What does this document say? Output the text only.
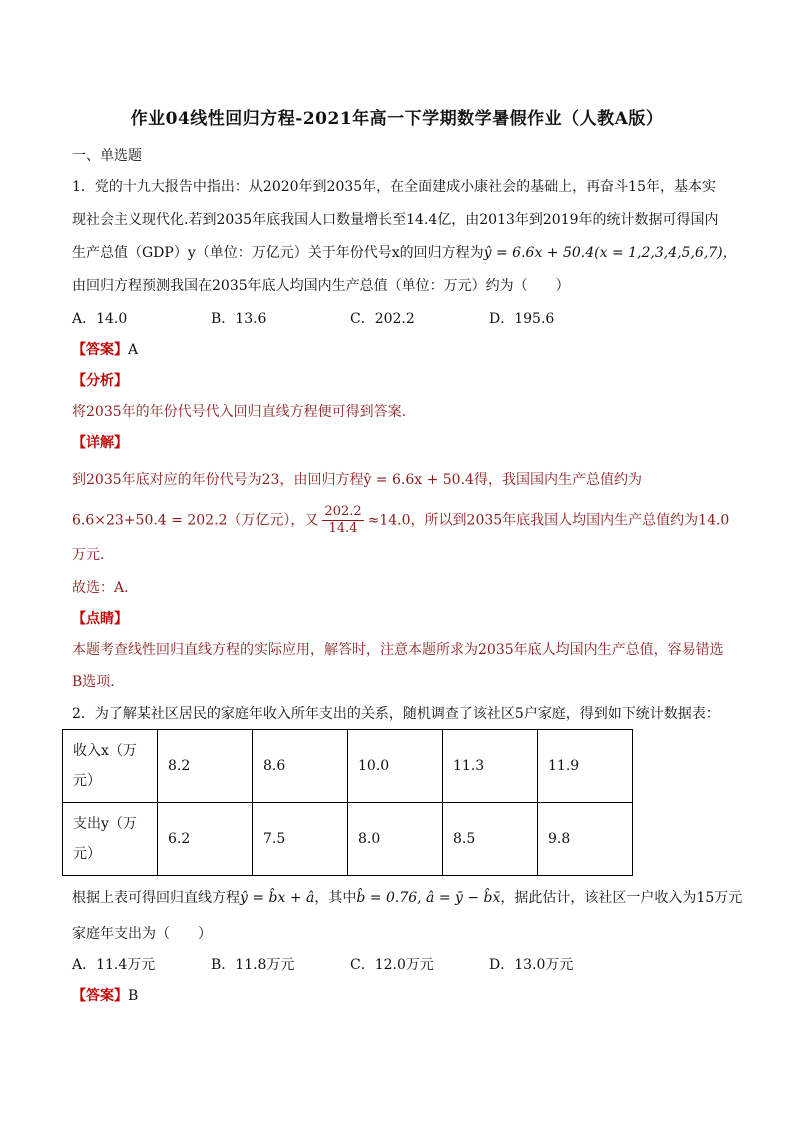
作业04线性回归方程-2021年高一下学期数学暑假作业（人教A版）
一、单选题
1．党的十九大报告中指出：从2020年到2035年，在全面建成小康社会的基础上，再奋斗15年，基本实
现社会主义现代化.若到2035年底我国人口数量增长至14.4亿，由2013年到2019年的统计数据可得国内
生产总值（GDP）y（单位：万亿元）关于年份代号x的回归方程为ŷ = 6.6x + 50.4(x = 1,2,3,4,5,6,7)，
由回归方程预测我国在2035年底人均国内生产总值（单位：万元）约为（　　）
A．14.0	B．13.6	C．202.2	D．195.6
【答案】A
【分析】
将2035年的年份代号代入回归直线方程便可得到答案.
【详解】
到2035年底对应的年份代号为23，由回归方程ŷ = 6.6x + 50.4得，我国国内生产总值约为
6.6×23+50.4 = 202.2（万亿元），又 $\frac{202.2}{14.4} \approx 14.0$，所以到2035年底我国人均国内生产总值约为14.0
万元.
故选：A.
【点睛】
本题考查线性回归直线方程的实际应用，解答时，注意本题所求为2035年底人均国内生产总值，容易错选
B选项.
2．为了解某社区居民的家庭年收入所年支出的关系，随机调查了该社区5户家庭，得到如下统计数据表：
收入x（万
元）	8.2	8.6	10.0	11.3	11.9
支出y（万
元）	6.2	7.5	8.0	8.5	9.8
根据上表可得回归直线方程ŷ = b̂x + â，其中b̂ = 0.76, â = ȳ − b̂x̄，据此估计，该社区一户收入为15万元
家庭年支出为（　　）
A．11.4万元	B．11.8万元	C．12.0万元	D．13.0万元
【答案】B
